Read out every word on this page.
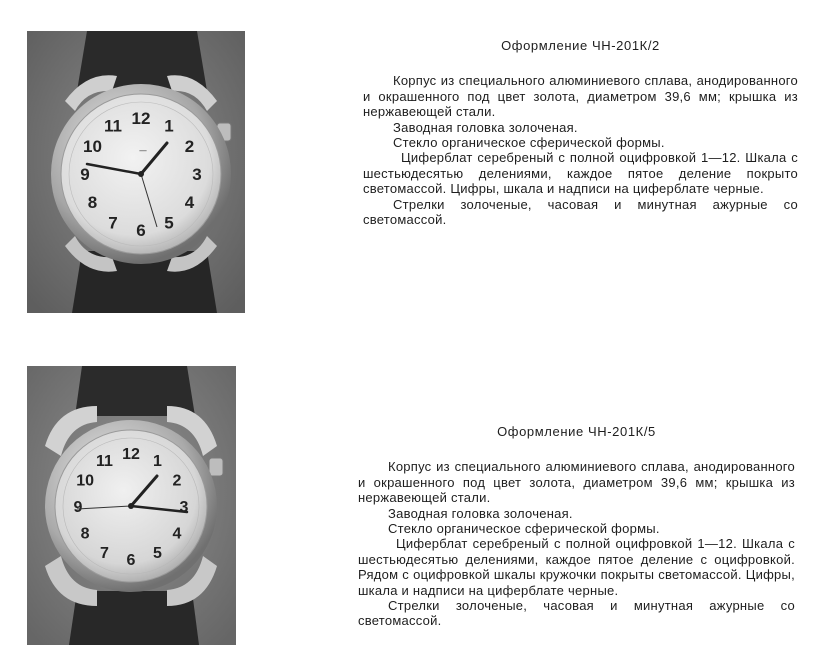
12 1
2
3
4
5
6
7
8
9
10
11
—
Оформление ЧН-201К/2

Корпус из специального алюминиевого сплава, анодированного и окрашенного под цвет золота, диаметром 39,6 мм; крышка из нержавеющей стали.

Заводная головка золоченая.

Стекло органическое сферической формы.

Циферблат серебреный с полной оцифровкой 1—12. Шкала с шестьюдесятью делениями, каждое пятое деление покрыто светомассой. Цифры, шкала и надписи на циферблате черные.

Стрелки золоченые, часовая и минутная ажурные со светомассой.

12 1
2
3
4
5
6
7
8
9
10
11
Оформление ЧН-201К/5

Корпус из специального алюминиевого сплава, анодированного и окрашенного под цвет золота, диаметром 39,6 мм; крышка из нержавеющей стали.

Заводная головка золоченая.

Стекло органическое сферической формы.

Циферблат серебреный с полной оцифровкой 1—12. Шкала с шестьюдесятью делениями, каждое пятое деление с оцифровкой. Рядом с оцифровкой шкалы кружочки покрыты светомассой. Цифры, шкала и надписи на циферблате черные.

Стрелки золоченые, часовая и минутная ажурные со светомассой.
